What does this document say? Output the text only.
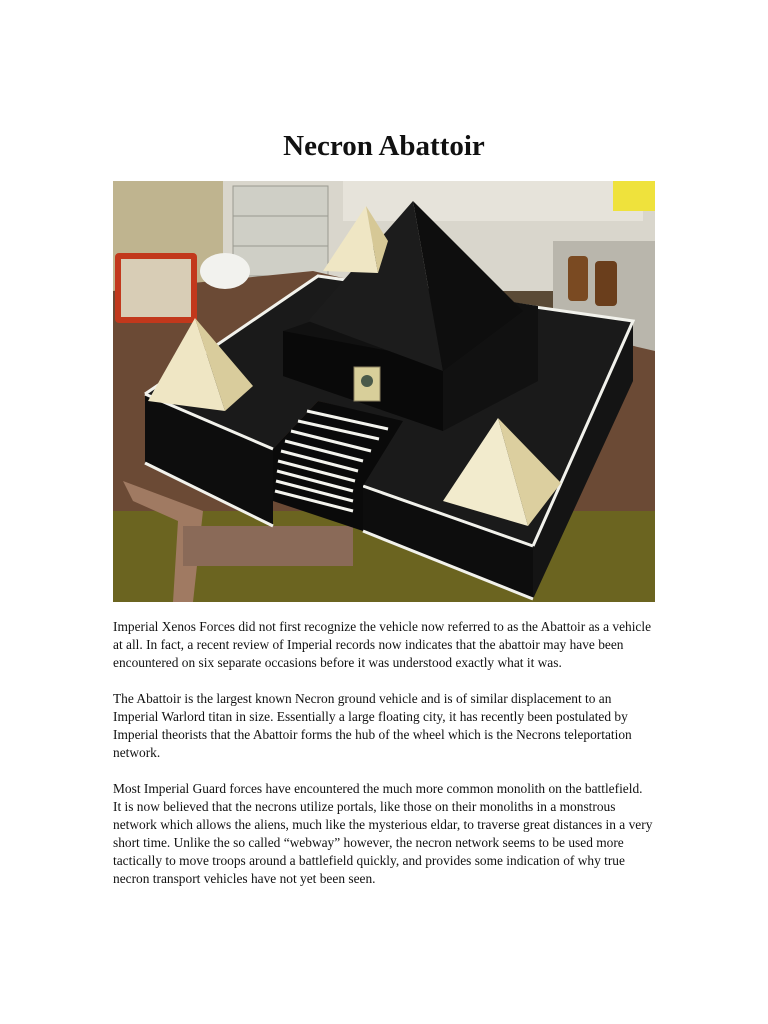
Necron Abattoir

Imperial Xenos Forces did not first recognize the vehicle now referred to as the Abattoir as a vehicle at all. In fact, a recent review of Imperial records now indicates that the abattoir may have been encountered on six separate occasions before it was understood exactly what it was.

The Abattoir is the largest known Necron ground vehicle and is of similar displacement to an Imperial Warlord titan in size. Essentially a large floating city, it has recently been postulated by Imperial theorists that the Abattoir forms the hub of the wheel which is the Necrons teleportation network.

Most Imperial Guard forces have encountered the much more common monolith on the battlefield. It is now believed that the necrons utilize portals, like those on their monoliths in a monstrous network which allows the aliens, much like the mysterious eldar, to traverse great distances in a very short time. Unlike the so called “webway” however, the necron network seems to be used more tactically to move troops around a battlefield quickly, and provides some indication of why true necron transport vehicles have not yet been seen.
